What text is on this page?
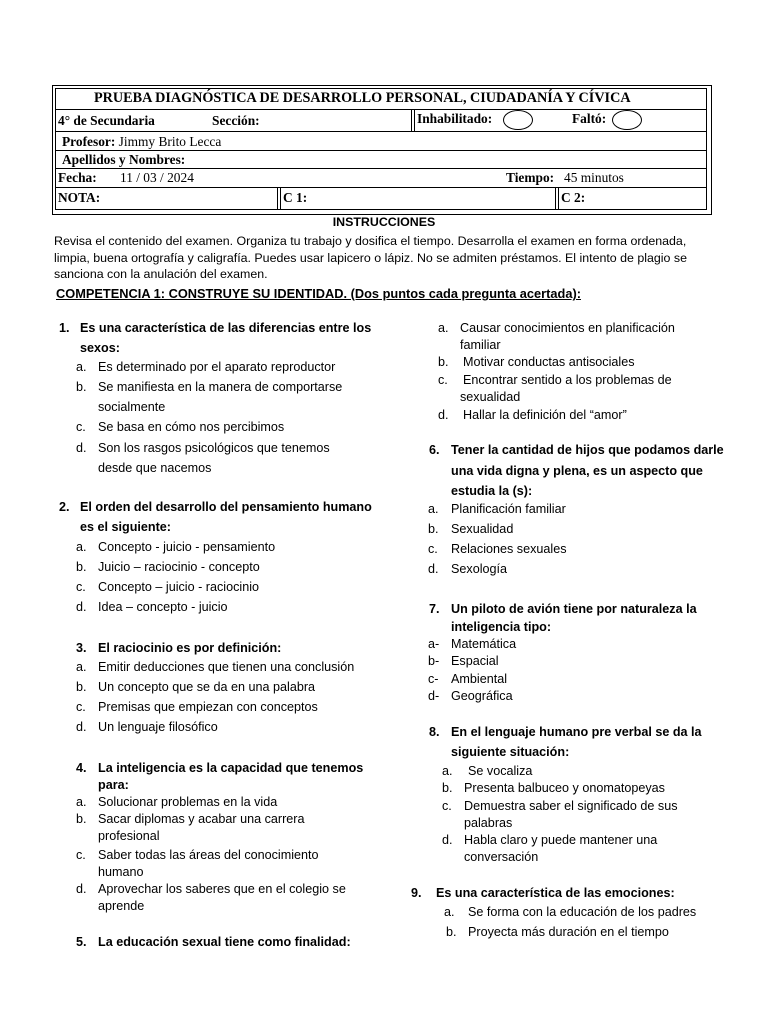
PRUEBA DIAGNÓSTICA DE DESARROLLO PERSONAL, CIUDADANÍA Y CÍVICA
4° de Secundaria	Sección:	Inhabilitado:	Faltó:
Profesor: Jimmy Brito Lecca
Apellidos y Nombres:
Fecha: 11 / 03 / 2024	Tiempo: 45 minutos
NOTA:	C 1:	C 2:
INSTRUCCIONES
Revisa el contenido del examen. Organiza tu trabajo y dosifica el tiempo. Desarrolla el examen en forma ordenada,
limpia, buena ortografía y caligrafía. Puedes usar lapicero o lápiz. No se admiten préstamos. El intento de plagio se
sanciona con la anulación del examen.
COMPETENCIA 1: CONSTRUYE SU IDENTIDAD. (Dos puntos cada pregunta acertada):
1. Es una característica de las diferencias entre los
sexos:
a. Es determinado por el aparato reproductor
b. Se manifiesta en la manera de comportarse
socialmente
c. Se basa en cómo nos percibimos
d. Son los rasgos psicológicos que tenemos
desde que nacemos
2. El orden del desarrollo del pensamiento humano
es el siguiente:
a. Concepto - juicio - pensamiento
b. Juicio – raciocinio - concepto
c. Concepto – juicio - raciocinio
d. Idea – concepto - juicio
3. El raciocinio es por definición:
a. Emitir deducciones que tienen una conclusión
b. Un concepto que se da en una palabra
c. Premisas que empiezan con conceptos
d. Un lenguaje filosófico
4. La inteligencia es la capacidad que tenemos
para:
a. Solucionar problemas en la vida
b. Sacar diplomas y acabar una carrera
profesional
c. Saber todas las áreas del conocimiento
humano
d. Aprovechar los saberes que en el colegio se
aprende
5. La educación sexual tiene como finalidad:
a. Causar conocimientos en planificación
familiar
b. Motivar conductas antisociales
c. Encontrar sentido a los problemas de
sexualidad
d. Hallar la definición del “amor”
6. Tener la cantidad de hijos que podamos darle
una vida digna y plena, es un aspecto que
estudia la (s):
a. Planificación familiar
b. Sexualidad
c. Relaciones sexuales
d. Sexología
7. Un piloto de avión tiene por naturaleza la
inteligencia tipo:
a- Matemática
b- Espacial
c- Ambiental
d- Geográfica
8. En el lenguaje humano pre verbal se da la
siguiente situación:
a. Se vocaliza
b. Presenta balbuceo y onomatopeyas
c. Demuestra saber el significado de sus
palabras
d. Habla claro y puede mantener una
conversación
9. Es una característica de las emociones:
a. Se forma con la educación de los padres
b. Proyecta más duración en el tiempo
